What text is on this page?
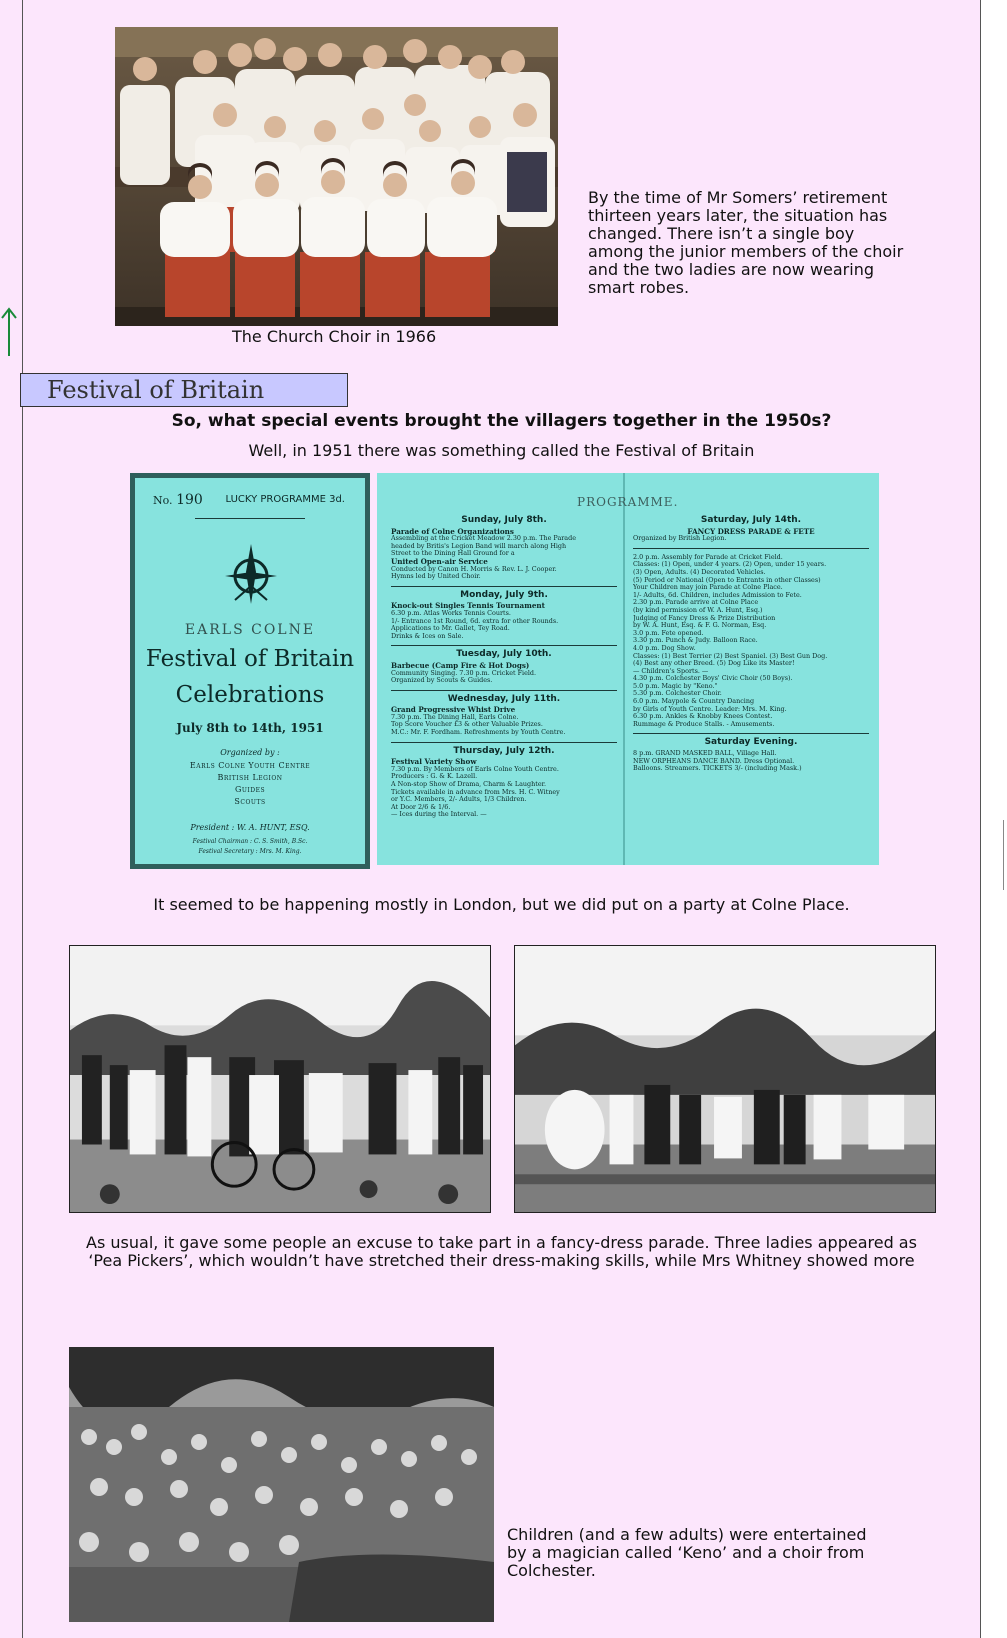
The Church Choir in 1966
By the time of Mr Somers’ retirement thirteen years later, the situation has changed. There isn’t a single boy among the junior members of the choir and the two ladies are now wearing smart robes.
Festival of Britain
So, what special events brought the villagers together in the 1950s?
Well, in 1951 there was something called the Festival of Britain
No. 190 LUCKY PROGRAMME 3d.
EARLS COLNE
Festival of Britain
Celebrations
July 8th to 14th, 1951
Organized by :
Earls Colne Youth Centre
British Legion
Guides
Scouts
President : W. A. HUNT, ESQ.
Festival Chairman : C. S. Smith, B.Sc.
Festival Secretary : Mrs. M. King.
PROGRAMME.
Sunday, July 8th.
Parade of Colne Organizations
Assembling at the Cricket Meadow 2.30 p.m. The Parade
headed by Britis's Legion Band will march along High
Street to the Dining Hall Ground for a
United Open-air Service
Conducted by Canon H. Morris & Rev. L. J. Cooper.
Hymns led by United Choir.
Monday, July 9th.
Knock-out Singles Tennis Tournament
6.30 p.m. Atlas Works Tennis Courts.
1/- Entrance 1st Round, 6d. extra for other Rounds.
Applications to Mr. Gallet, Tey Road.
Drinks & Ices on Sale.
Tuesday, July 10th.
Barbecue (Camp Fire & Hot Dogs)
Community Singing. 7.30 p.m. Cricket Field.
Organized by Scouts & Guides.
Wednesday, July 11th.
Grand Progressive Whist Drive
7.30 p.m. The Dining Hall, Earls Colne.
Top Score Voucher £3 & other Valuable Prizes.
M.C.: Mr. F. Fordham. Refreshments by Youth Centre.
Thursday, July 12th.
Festival Variety Show
7.30 p.m. By Members of Earls Colne Youth Centre.
Producers : G. & K. Lazell.
A Non-stop Show of Drama, Charm & Laughter.
Tickets available in advance from Mrs. H. C. Witney
or Y.C. Members, 2/- Adults, 1/3 Children.
At Door 2/6 & 1/6.
— Ices during the Interval. —
Saturday, July 14th.
FANCY DRESS PARADE & FETE
Organized by British Legion.
2.0 p.m. Assembly for Parade at Cricket Field.
Classes: (1) Open, under 4 years. (2) Open, under 15 years.
(3) Open, Adults. (4) Decorated Vehicles.
(5) Period or National (Open to Entrants in other Classes)
Your Children may join Parade at Colne Place.
1/- Adults, 6d. Children, includes Admission to Fete.
2.30 p.m. Parade arrive at Colne Place
(by kind permission of W. A. Hunt, Esq.)
Judging of Fancy Dress & Prize Distribution
by W. A. Hunt, Esq. & F. G. Norman, Esq.
3.0 p.m. Fete opened.
3.30 p.m. Punch & Judy. Balloon Race.
4.0 p.m. Dog Show.
Classes: (1) Best Terrier (2) Best Spaniel. (3) Best Gun Dog.
(4) Best any other Breed. (5) Dog Like its Master!
— Children's Sports. —
4.30 p.m. Colchester Boys' Civic Choir (50 Boys).
5.0 p.m. Magic by "Keno."
5.30 p.m. Colchester Choir.
6.0 p.m. Maypole & Country Dancing
by Girls of Youth Centre. Leader: Mrs. M. King.
6.30 p.m. Ankles & Knobby Knees Contest.
Rummage & Produce Stalls. - Amusements.
Saturday Evening.
8 p.m. GRAND MASKED BALL, Village Hall.
NEW ORPHEANS DANCE BAND. Dress Optional.
Balloons. Streamers. TICKETS 3/- (including Mask.)
It seemed to be happening mostly in London, but we did put on a party at Colne Place.
As usual, it gave some people an excuse to take part in a fancy-dress parade. Three ladies appeared as
‘Pea Pickers’, which wouldn’t have stretched their dress-making skills, while Mrs Whitney showed more
Children (and a few adults) were entertained by a magician called ‘Keno’ and a choir from Colchester.
